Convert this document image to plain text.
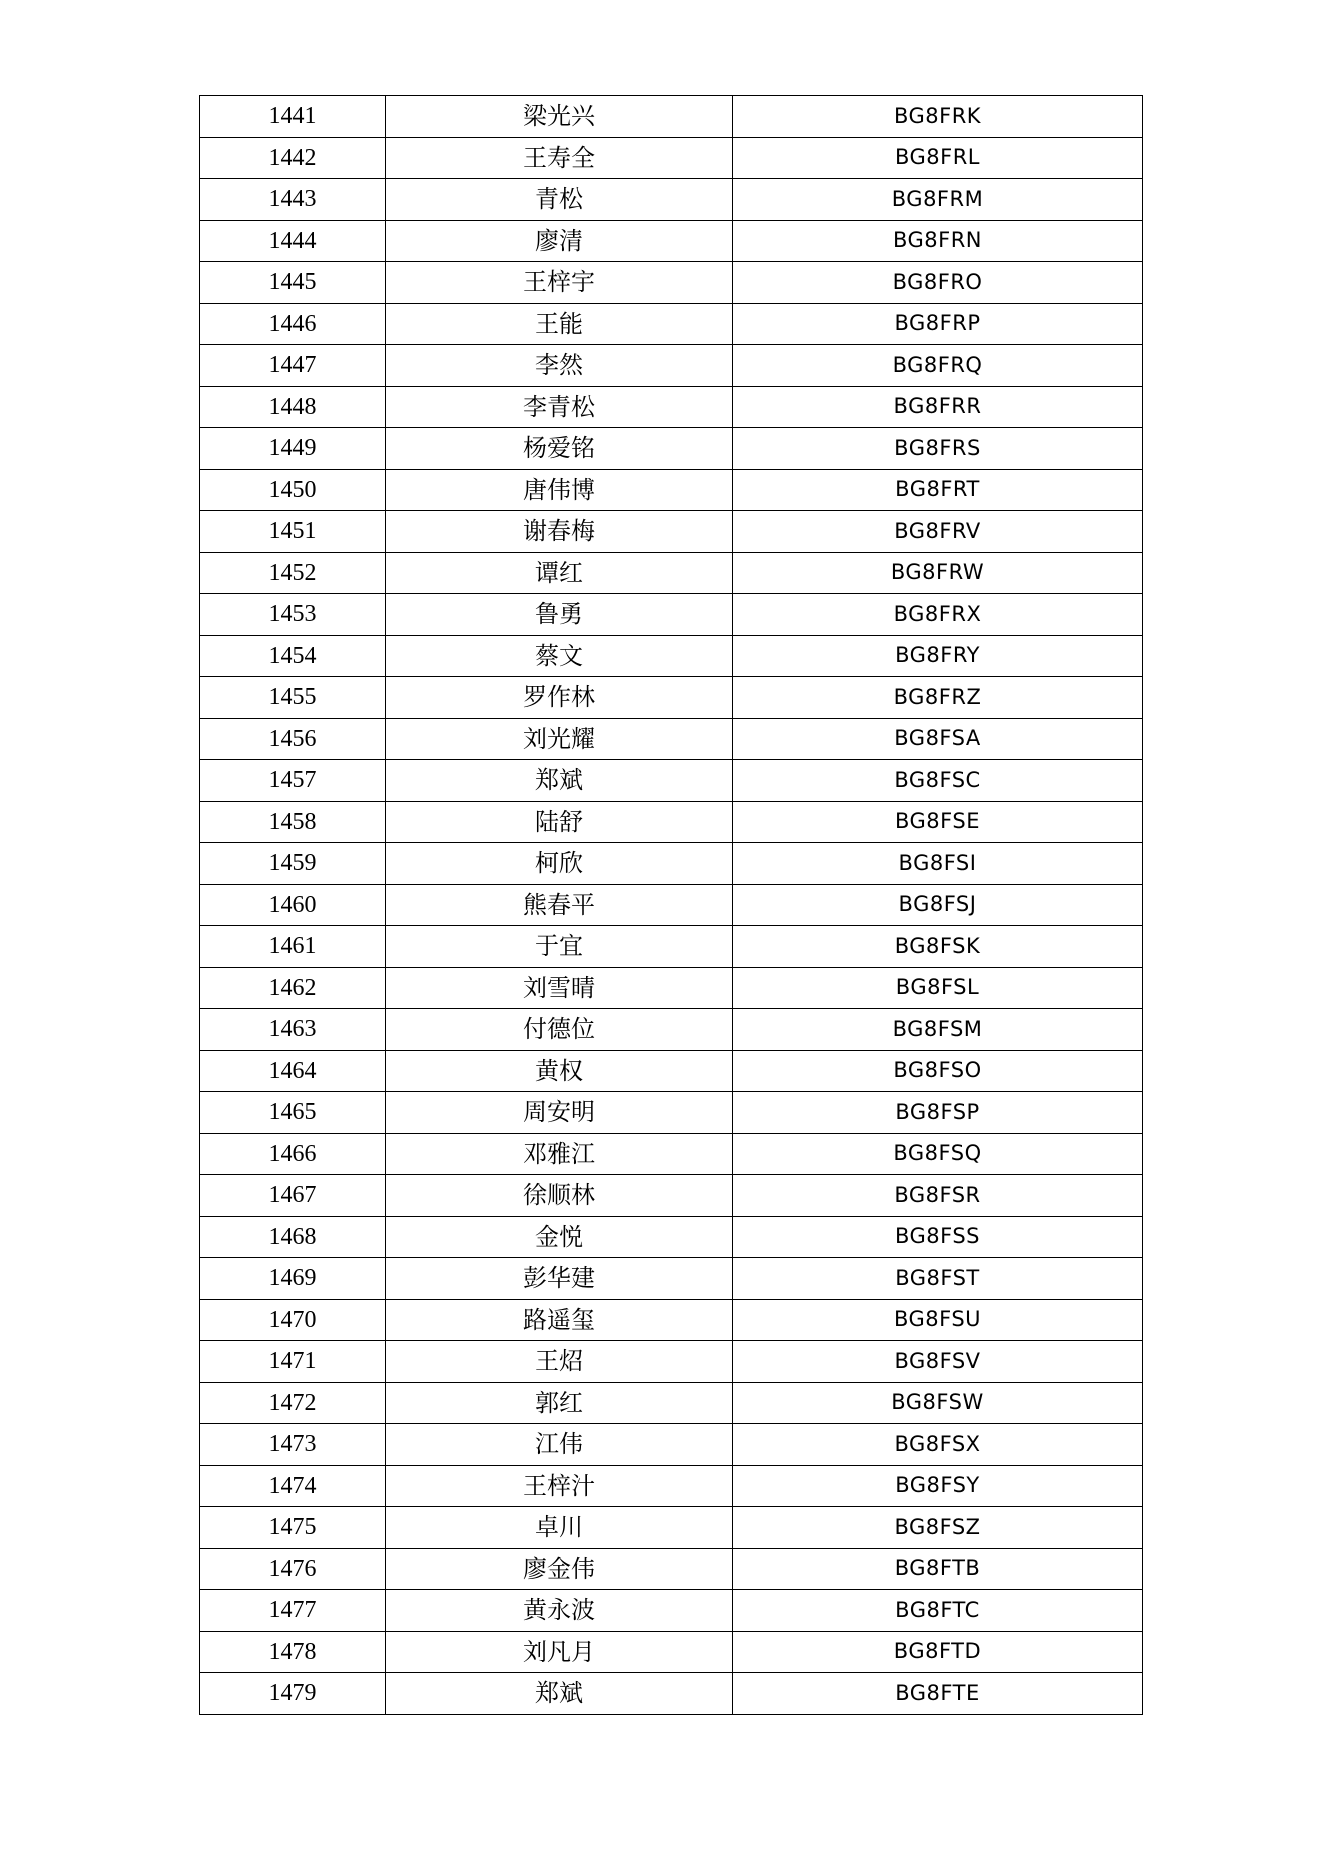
1441	梁光兴	BG8FRK
1442	王寿全	BG8FRL
1443	青松	BG8FRM
1444	廖清	BG8FRN
1445	王梓宇	BG8FRO
1446	王能	BG8FRP
1447	李然	BG8FRQ
1448	李青松	BG8FRR
1449	杨爱铭	BG8FRS
1450	唐伟博	BG8FRT
1451	谢春梅	BG8FRV
1452	谭红	BG8FRW
1453	鲁勇	BG8FRX
1454	蔡文	BG8FRY
1455	罗作林	BG8FRZ
1456	刘光耀	BG8FSA
1457	郑斌	BG8FSC
1458	陆舒	BG8FSE
1459	柯欣	BG8FSI
1460	熊春平	BG8FSJ
1461	于宜	BG8FSK
1462	刘雪晴	BG8FSL
1463	付德位	BG8FSM
1464	黄权	BG8FSO
1465	周安明	BG8FSP
1466	邓雅江	BG8FSQ
1467	徐顺林	BG8FSR
1468	金悦	BG8FSS
1469	彭华建	BG8FST
1470	路遥玺	BG8FSU
1471	王炤	BG8FSV
1472	郭红	BG8FSW
1473	江伟	BG8FSX
1474	王梓汁	BG8FSY
1475	卓川	BG8FSZ
1476	廖金伟	BG8FTB
1477	黄永波	BG8FTC
1478	刘凡月	BG8FTD
1479	郑斌	BG8FTE
